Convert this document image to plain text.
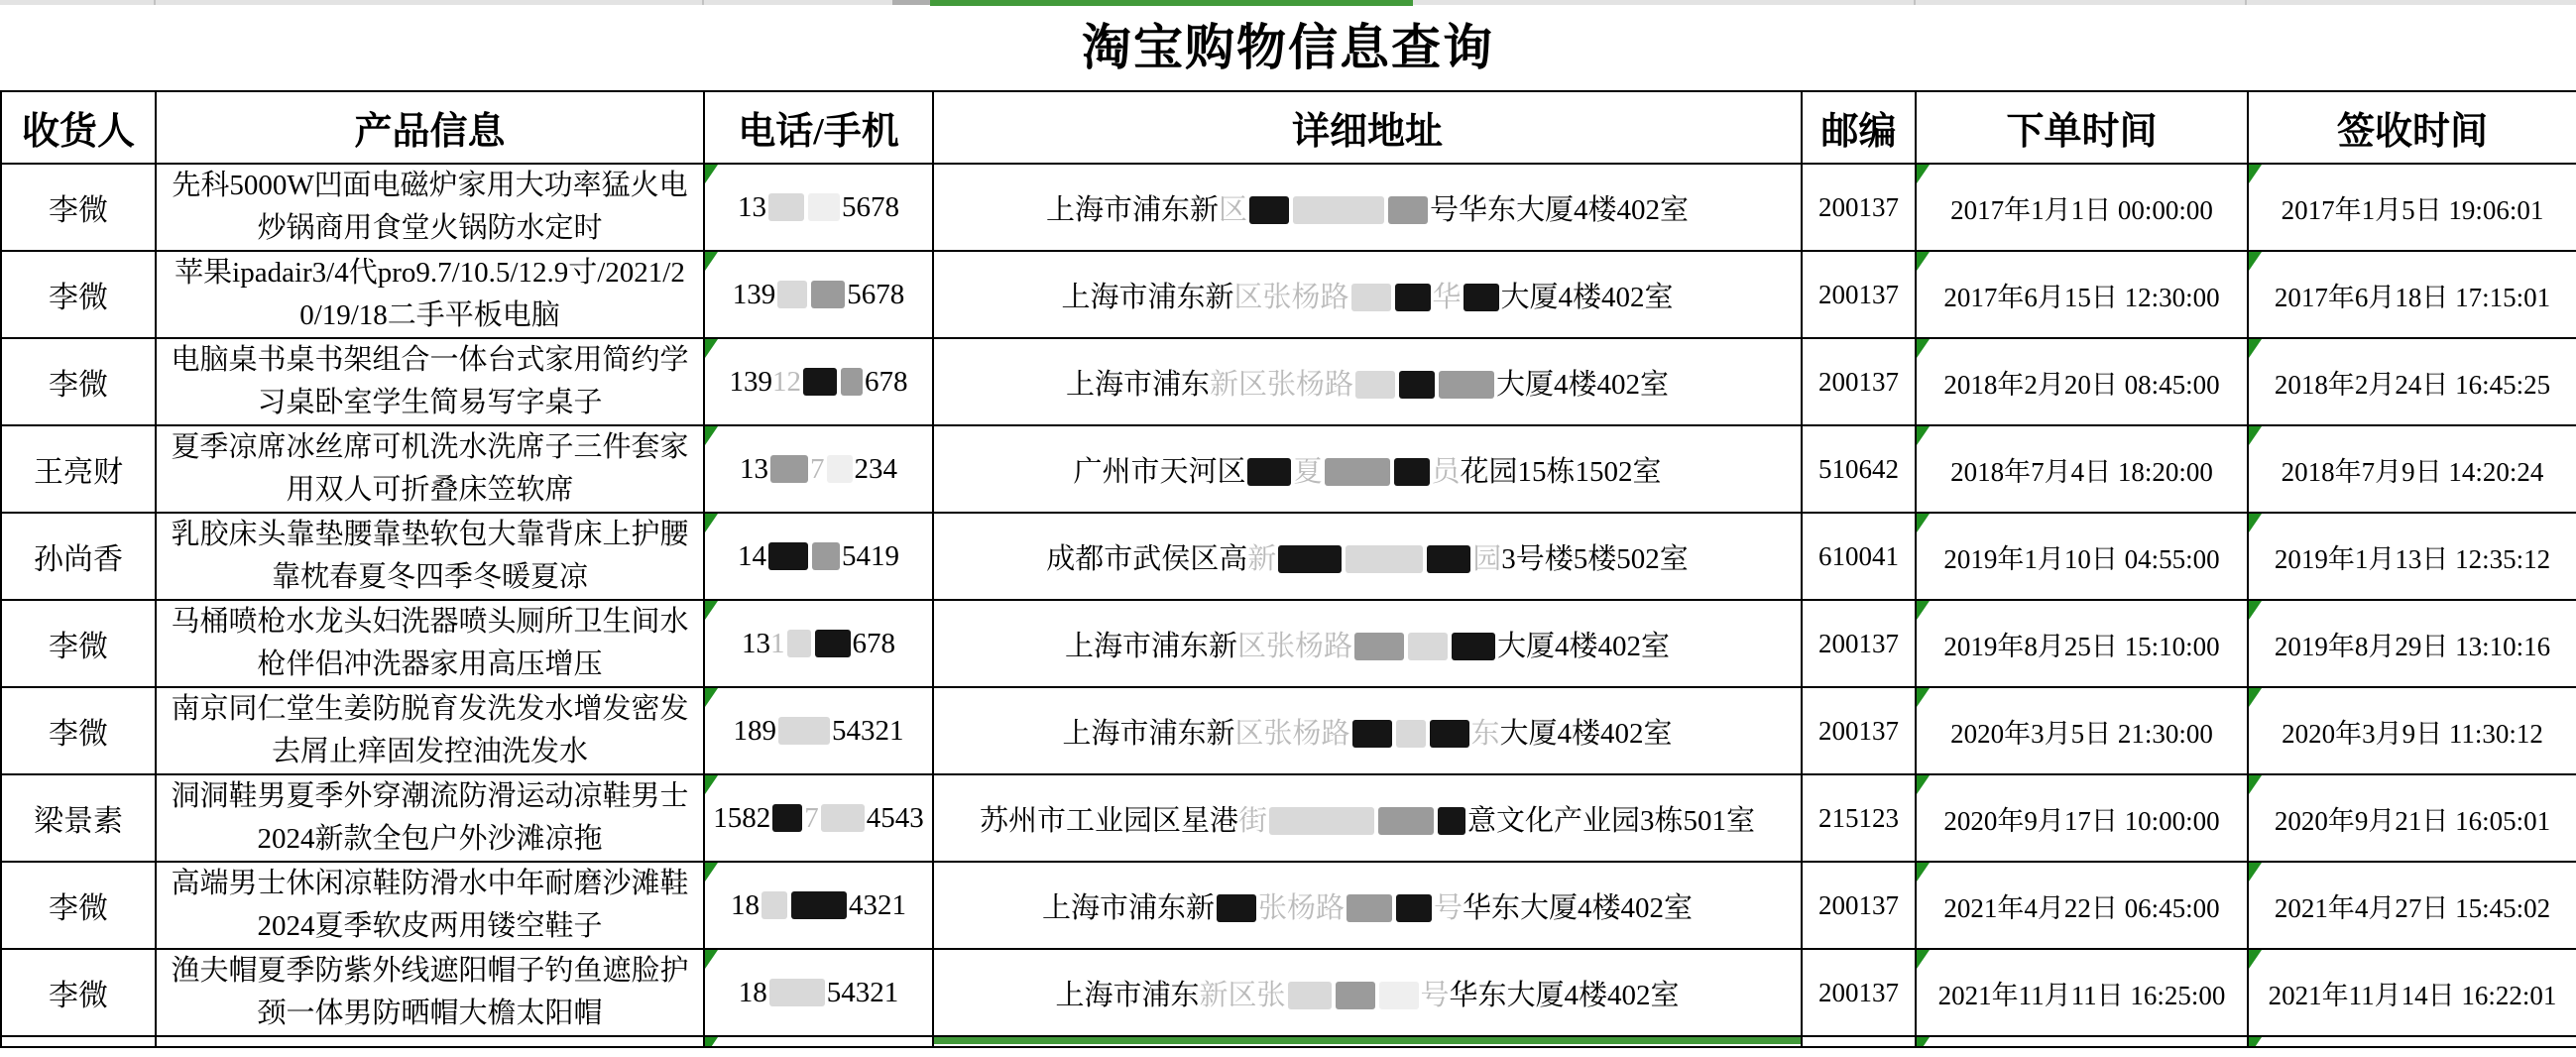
淘宝购物信息查询
收货人	产品信息	电话/手机	详细地址	邮编	下单时间	签收时间
李微	先科5000W凹面电磁炉家用大功率猛火电炒锅商用食堂火锅防水定时	13 5678	上海市浦东新区 号华东大厦4楼402室	200137	2017年1月1日 00:00:00	2017年1月5日 19:06:01
李微	苹果ipadair3/4代pro9.7/10.5/12.9寸/2021/20/19/18二手平板电脑	139 5678	上海市浦东新区张杨路 华 大厦4楼402室	200137	2017年6月15日 12:30:00	2017年6月18日 17:15:01
李微	电脑桌书桌书架组合一体台式家用简约学习桌卧室学生简易写字桌子	13912 678	上海市浦东新区张杨路 大厦4楼402室	200137	2018年2月20日 08:45:00	2018年2月24日 16:45:25
王亮财	夏季凉席冰丝席可机洗水洗席子三件套家用双人可折叠床笠软席	13 7 234	广州市天河区 夏 员花园15栋1502室	510642	2018年7月4日 18:20:00	2018年7月9日 14:20:24
孙尚香	乳胶床头靠垫腰靠垫软包大靠背床上护腰靠枕春夏冬四季冬暖夏凉	14 5419	成都市武侯区高新 园3号楼5楼502室	610041	2019年1月10日 04:55:00	2019年1月13日 12:35:12
李微	马桶喷枪水龙头妇洗器喷头厕所卫生间水枪伴侣冲洗器家用高压增压	131 678	上海市浦东新区张杨路 大厦4楼402室	200137	2019年8月25日 15:10:00	2019年8月29日 13:10:16
李微	南京同仁堂生姜防脱育发洗发水增发密发去屑止痒固发控油洗发水	189 54321	上海市浦东新区张杨路 东大厦4楼402室	200137	2020年3月5日 21:30:00	2020年3月9日 11:30:12
梁景素	洞洞鞋男夏季外穿潮流防滑运动凉鞋男士2024新款全包户外沙滩凉拖	1582 7 4543	苏州市工业园区星港街 意文化产业园3栋501室	215123	2020年9月17日 10:00:00	2020年9月21日 16:05:01
李微	高端男士休闲凉鞋防滑水中年耐磨沙滩鞋2024夏季软皮两用镂空鞋子	18 4321	上海市浦东新 张杨路 号华东大厦4楼402室	200137	2021年4月22日 06:45:00	2021年4月27日 15:45:02
李微	渔夫帽夏季防紫外线遮阳帽子钓鱼遮脸护颈一体男防晒帽大檐太阳帽	18 54321	上海市浦东新区张 号华东大厦4楼402室	200137	2021年11月11日 16:25:00	2021年11月14日 16:22:01
